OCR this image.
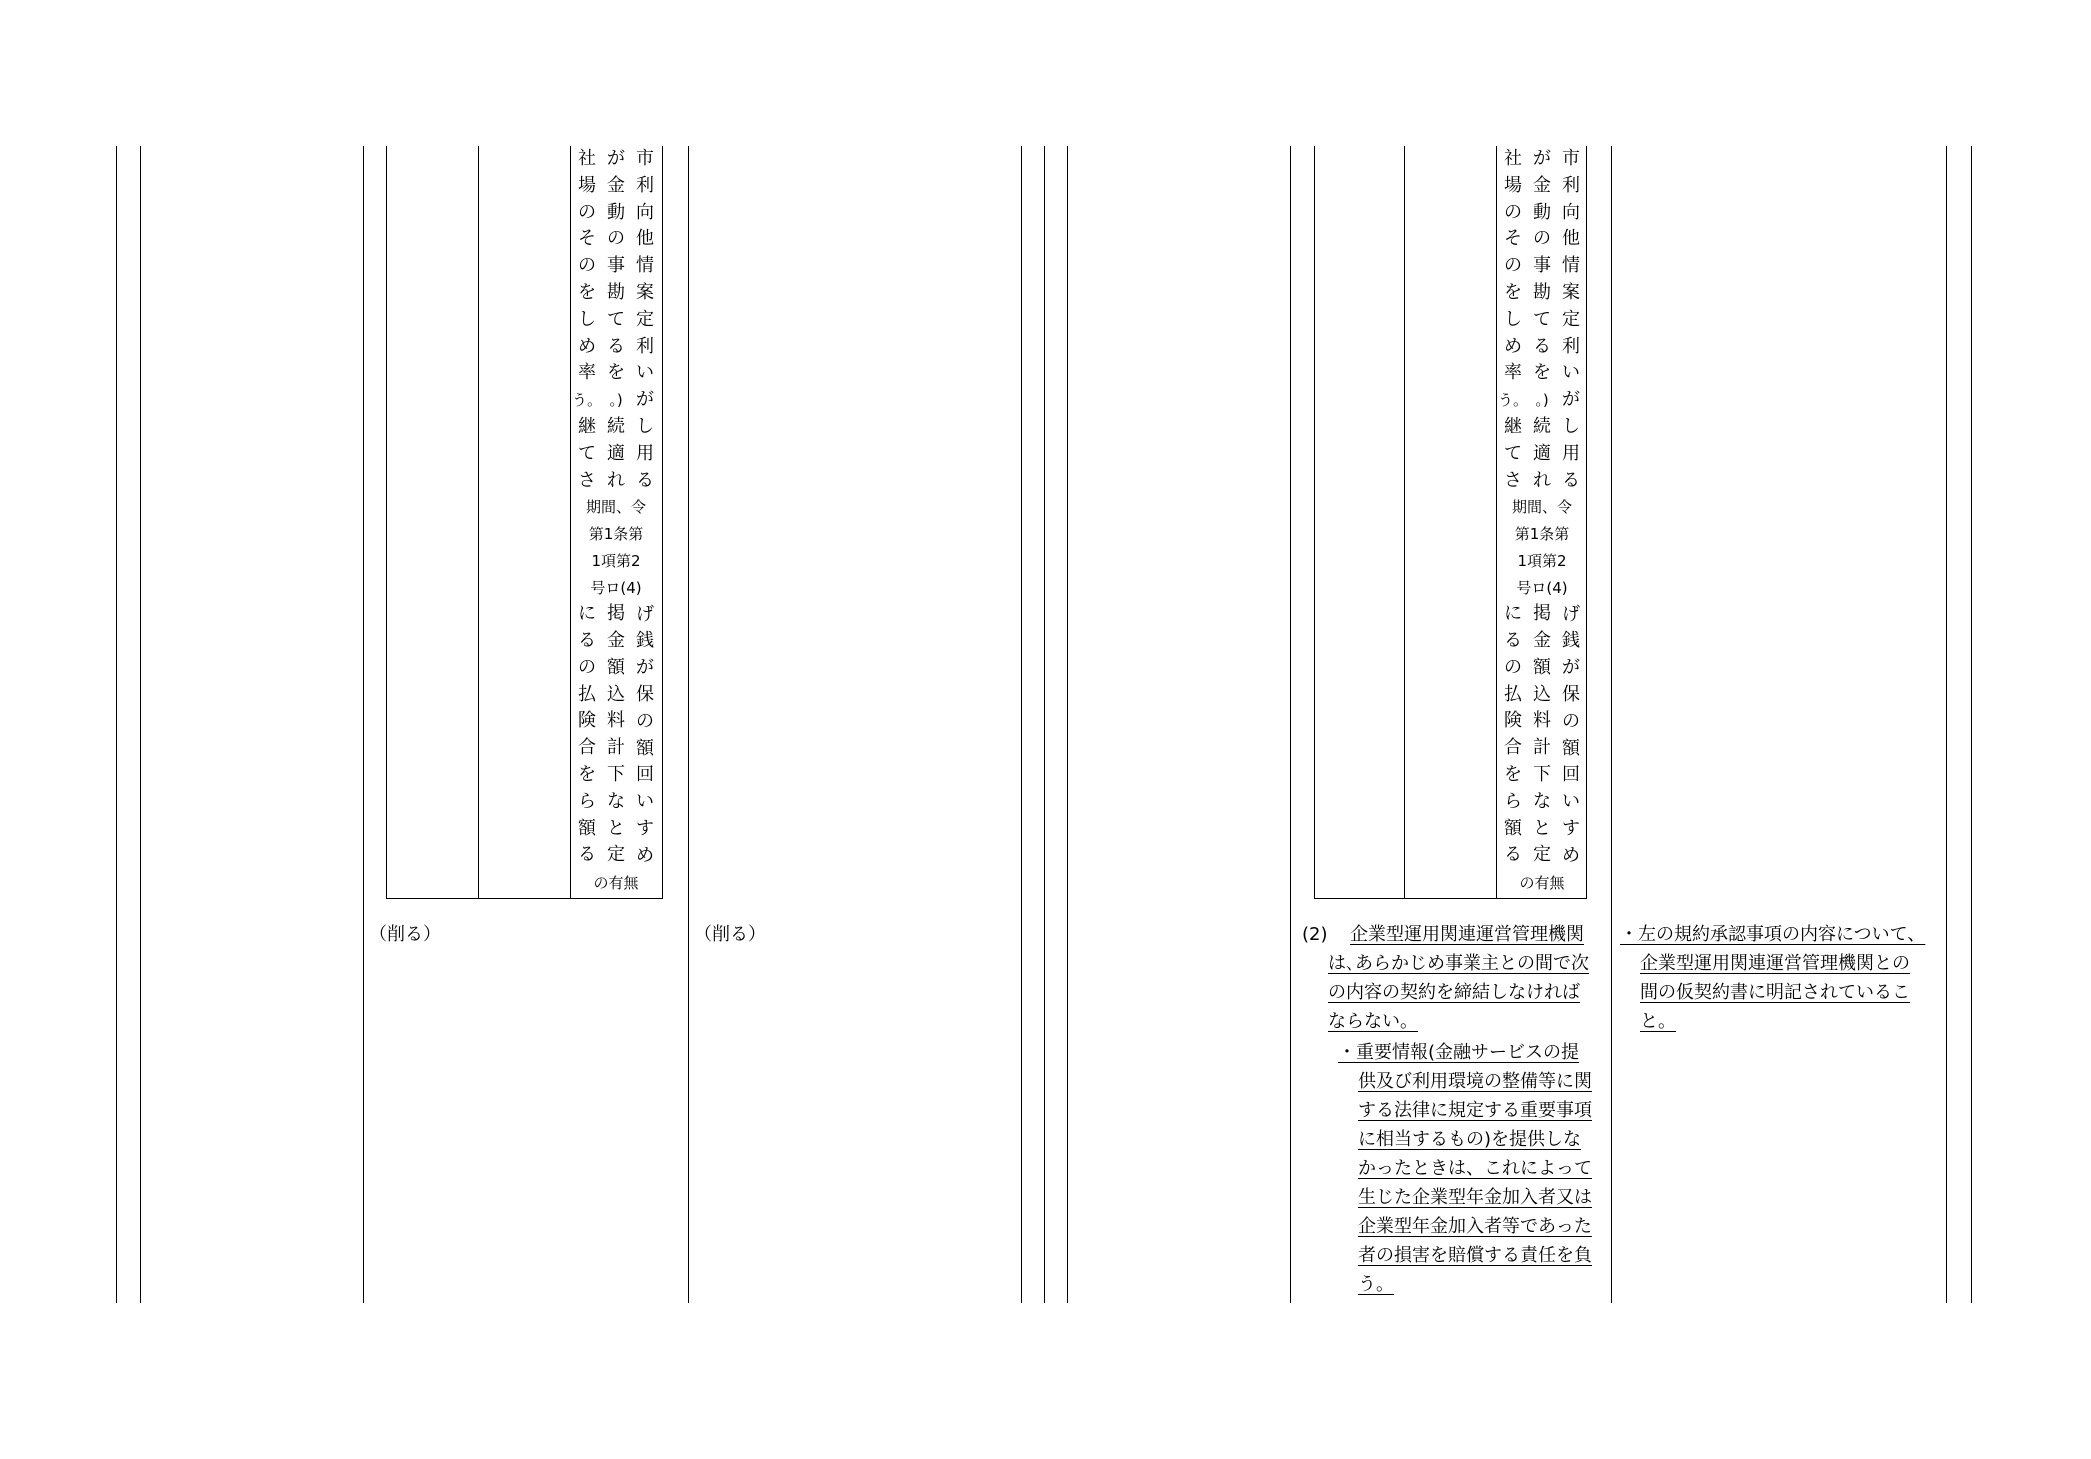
社
場
の
そ
の
を
し
め
率
う。
継
て
さ
に
る
の
払
険
合
を
ら
額
る
が
金
動
の
事
勘
て
る
を
。)
続
適
れ
掲
金
額
込
料
計
下
な
と
定
市
利
向
他
情
案
定
利
い
が
し
用
る
期間、令
第1条第
1項第2
号ロ(4)
げ
銭
が
保
の
額
回
い
す
め
の有無
（削る）	（削る）
社
場
の
そ
の
を
し
め
率
う。
継
て
さ
に
る
の
払
険
合
を
ら
額
る
が
金
動
の
事
勘
て
る
を
。)
続
適
れ
掲
金
額
込
料
計
下
な
と
定
市
利
向
他
情
案
定
利
い
が
し
用
る
期間、令
第1条第
1項第2
号ロ(4)
げ
銭
が
保
の
額
回
い
す
め
の有無
(2) 企業型運用関連運営管理機関
は､あらかじめ事業主との間で次
の内容の契約を締結しなければ
ならない。
・重要情報(金融サービスの提
供及び利用環境の整備等に関
する法律に規定する重要事項
に相当するもの)を提供しな
かったときは、これによって
生じた企業型年金加入者又は
企業型年金加入者等であった
者の損害を賠償する責任を負
う。
・左の規約承認事項の内容について、
企業型運用関連運営管理機関との
間の仮契約書に明記されているこ
と。
